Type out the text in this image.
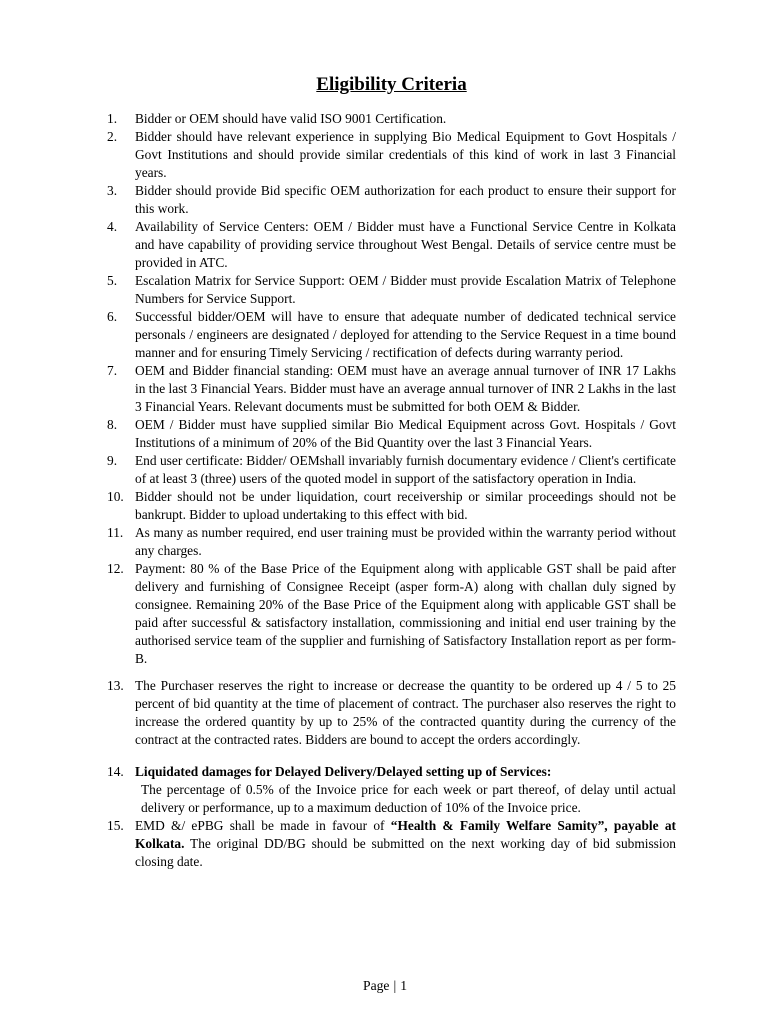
Eligibility Criteria
1.	Bidder or OEM should have valid ISO 9001 Certification.
2.	Bidder should have relevant experience in supplying Bio Medical Equipment to Govt Hospitals / Govt Institutions and should provide similar credentials of this kind of work in last 3 Financial years.
3.	Bidder should provide Bid specific OEM authorization for each product to ensure their support for this work.
4.	Availability of Service Centers: OEM / Bidder must have a Functional Service Centre in Kolkata and have capability of providing service throughout West Bengal. Details of service centre must be provided in ATC.
5.	Escalation Matrix for Service Support: OEM / Bidder must provide Escalation Matrix of Telephone Numbers for Service Support.
6.	Successful bidder/OEM will have to ensure that adequate number of dedicated technical service personals / engineers are designated / deployed for attending to the Service Request in a time bound manner and for ensuring Timely Servicing / rectification of defects during warranty period.
7.	OEM and Bidder financial standing: OEM must have an average annual turnover of INR 17 Lakhs in the last 3 Financial Years. Bidder must have an average annual turnover of INR 2 Lakhs in the last 3 Financial Years. Relevant documents must be submitted for both OEM & Bidder.
8.	OEM / Bidder must have supplied similar Bio Medical Equipment across Govt. Hospitals / Govt Institutions of a minimum of 20% of the Bid Quantity over the last 3 Financial Years.
9.	End user certificate: Bidder/ OEMshall invariably furnish documentary evidence / Client's certificate of at least 3 (three) users of the quoted model in support of the satisfactory operation in India.
10. Bidder should not be under liquidation, court receivership or similar proceedings should not be bankrupt. Bidder to upload undertaking to this effect with bid.
11. As many as number required, end user training must be provided within the warranty period without any charges.
12. Payment: 80 % of the Base Price of the Equipment along with applicable GST shall be paid after delivery and furnishing of Consignee Receipt (asper form-A) along with challan duly signed by consignee. Remaining 20% of the Base Price of the Equipment along with applicable GST shall be paid after successful & satisfactory installation, commissioning and initial end user training by the authorised service team of the supplier and furnishing of Satisfactory Installation report as per form-B.
13. The Purchaser reserves the right to increase or decrease the quantity to be ordered up 4 / 5 to 25 percent of bid quantity at the time of placement of contract. The purchaser also reserves the right to increase the ordered quantity by up to 25% of the contracted quantity during the currency of the contract at the contracted rates. Bidders are bound to accept the orders accordingly.
14. Liquidated damages for Delayed Delivery/Delayed setting up of Services:
The percentage of 0.5% of the Invoice price for each week or part thereof, of delay until actual delivery or performance, up to a maximum deduction of 10% of the Invoice price.
15. EMD &/ ePBG shall be made in favour of “Health & Family Welfare Samity”, payable at Kolkata. The original DD/BG should be submitted on the next working day of bid submission closing date.
Page | 1
